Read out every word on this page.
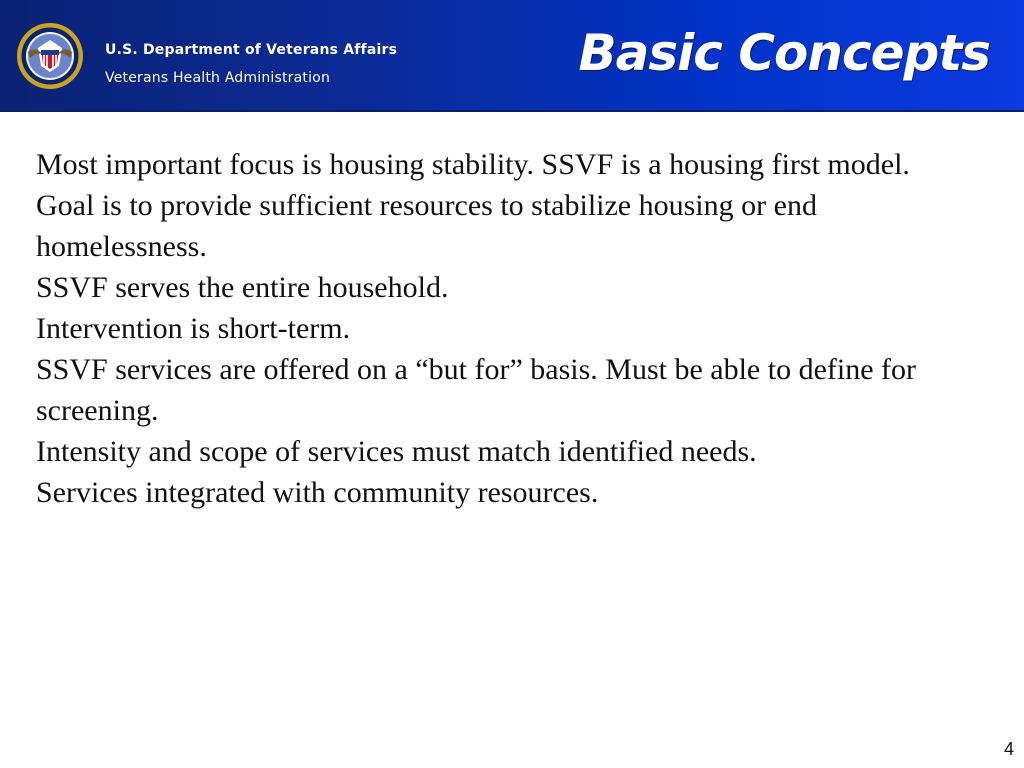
U.S. Department of Veterans Affairs
Veterans Health Administration	Basic Concepts

Most important focus is housing stability. SSVF is a housing first model.

Goal is to provide sufficient resources to stabilize housing or end homelessness.

SSVF serves the entire household.

Intervention is short-term.

SSVF services are offered on a “but for” basis. Must be able to define for screening.

Intensity and scope of services must match identified needs.

Services integrated with community resources.

4
